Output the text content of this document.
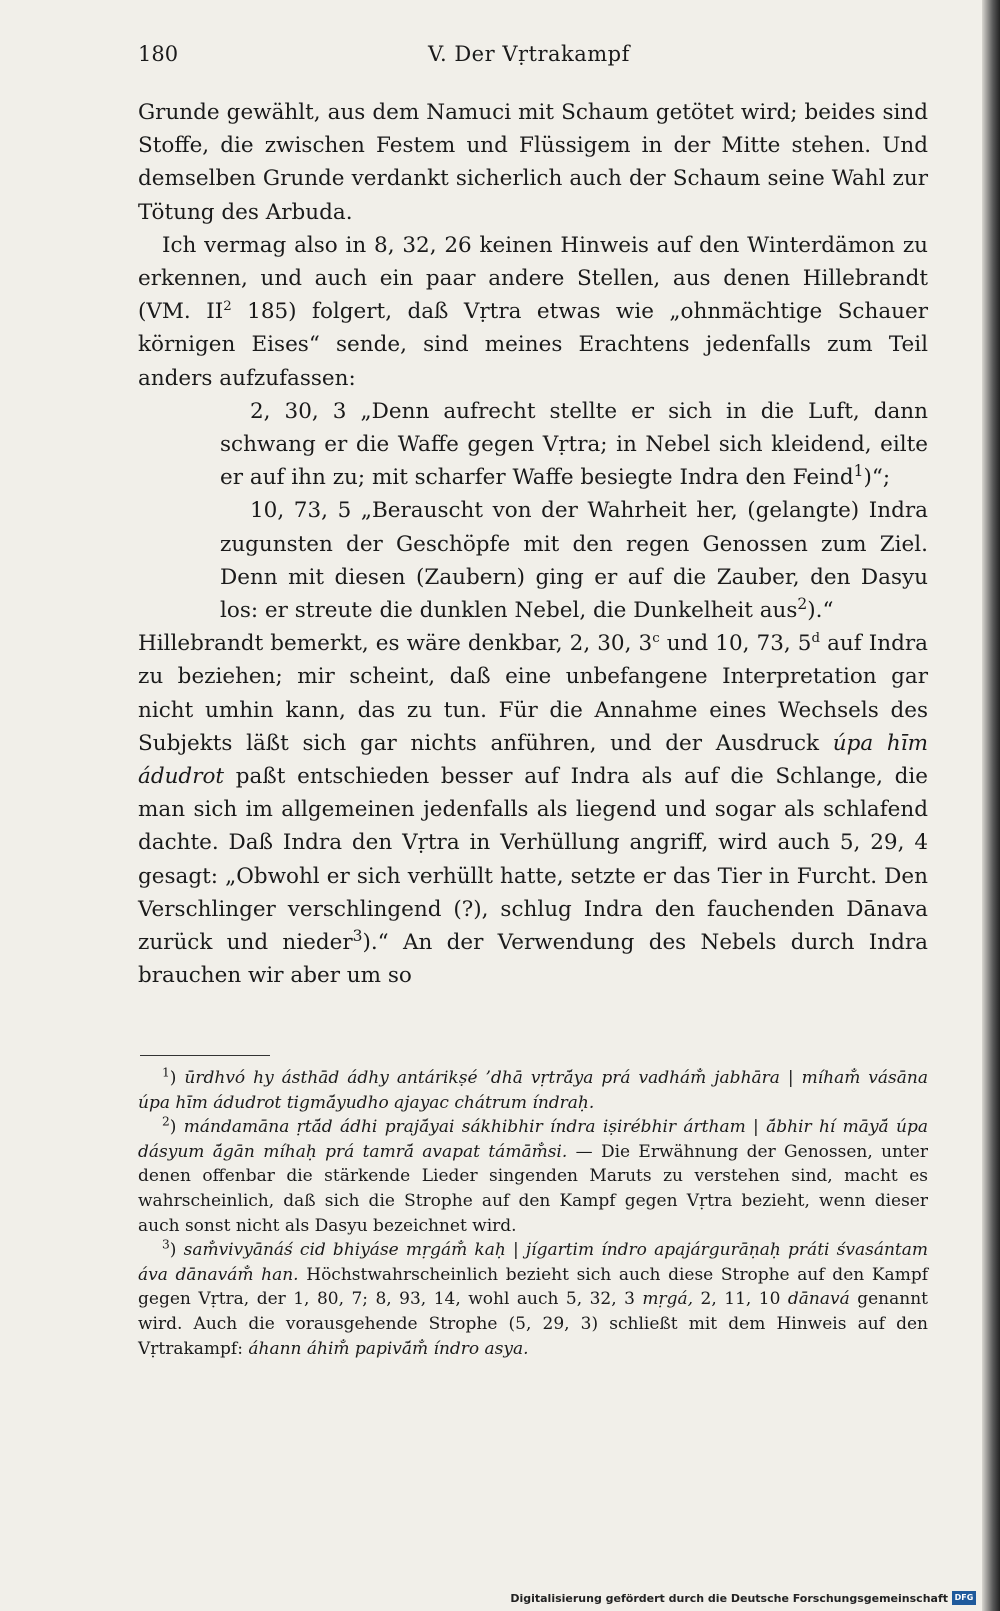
180	V. Der Vṛtrakampf

Grunde gewählt, aus dem Namuci mit Schaum getötet wird; beides sind Stoffe, die zwischen Festem und Flüssigem in der Mitte stehen. Und demselben Grunde verdankt sicherlich auch der Schaum seine Wahl zur Tötung des Arbuda.

Ich vermag also in 8, 32, 26 keinen Hinweis auf den Winterdämon zu erkennen, und auch ein paar andere Stellen, aus denen Hillebrandt (VM. $II^2$ 185) folgert, daß Vṛtra etwas wie „ohnmächtige Schauer körnigen Eises“ sende, sind meines Erachtens jedenfalls zum Teil anders aufzufassen:

2, 30, 3 „Denn aufrecht stellte er sich in die Luft, dann schwang er die Waffe gegen Vṛtra; in Nebel sich kleidend, eilte er auf ihn zu; mit scharfer Waffe besiegte Indra den Feind$^1$)“;

10, 73, 5 „Berauscht von der Wahrheit her, (gelangte) Indra zugunsten der Geschöpfe mit den regen Genossen zum Ziel. Denn mit diesen (Zaubern) ging er auf die Zauber, den Dasyu los: er streute die dunklen Nebel, die Dunkelheit aus$^2$).“

Hillebrandt bemerkt, es wäre denkbar, 2, 30, 3$^c$ und 10, 73, 5$^d$ auf Indra zu beziehen; mir scheint, daß eine unbefangene Interpretation gar nicht umhin kann, das zu tun. Für die Annahme eines Wechsels des Subjekts läßt sich gar nichts anführen, und der Ausdruck úpa hīm ádudrot paßt entschieden besser auf Indra als auf die Schlange, die man sich im allgemeinen jedenfalls als liegend und sogar als schlafend dachte. Daß Indra den Vṛtra in Verhüllung angriff, wird auch 5, 29, 4 gesagt: „Obwohl er sich verhüllt hatte, setzte er das Tier in Furcht. Den Verschlinger verschlingend (?), schlug Indra den fauchenden Dānava zurück und nieder$^3$).“ An der Verwendung des Nebels durch Indra brauchen wir aber um so

$^1$) ūrdhvó hy ásthād ádhy antárikṣé ’dhā vṛtrā́ya prá vadhám̐ jabhāra | míham̐ vásāna úpa hīm ádudrot tigmā́yudho ajayac chátrum índraḥ.

$^2$) mándamāna ṛtā́d ádhi prajā́yai sákhibhir índra iṣirébhir ártham | ā́bhir hí māyā́ úpa dásyum ā́gān míhaḥ prá tamrā́ avapat támām̐si. — Die Erwähnung der Genossen, unter denen offenbar die stärkende Lieder singenden Maruts zu verstehen sind, macht es wahrscheinlich, daß sich die Strophe auf den Kampf gegen Vṛtra bezieht, wenn dieser auch sonst nicht als Dasyu bezeichnet wird.

$^3$) sam̐vivyānáś cid bhiyáse mṛgám̐ kaḥ | jígartim índro apajárgurāṇaḥ práti śvasántam áva dānavám̐ han. Höchstwahrscheinlich bezieht sich auch diese Strophe auf den Kampf gegen Vṛtra, der 1, 80, 7; 8, 93, 14, wohl auch 5, 32, 3 mṛgá, 2, 11, 10 dānavá genannt wird. Auch die vorausgehende Strophe (5, 29, 3) schließt mit dem Hinweis auf den Vṛtrakampf: áhann áhim̐ papivā́m̐ índro asya.

Digitalisierung gefördert durch die Deutsche Forschungsgemeinschaft DFG
